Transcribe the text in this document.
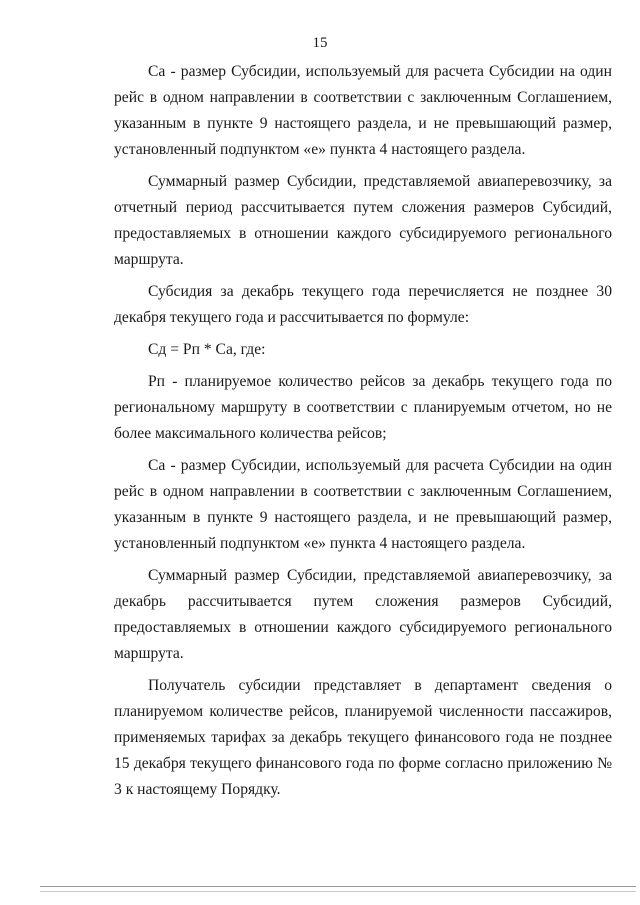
15

Са - размер Субсидии, используемый для расчета Субсидии на один рейс в одном направлении в соответствии с заключенным Соглашением, указанным в пункте 9 настоящего раздела, и не превышающий размер, установленный подпунктом «е» пункта 4 настоящего раздела.

Суммарный размер Субсидии, представляемой авиаперевозчику, за отчетный период рассчитывается путем сложения размеров Субсидий, предоставляемых в отношении каждого субсидируемого регионального маршрута.

Субсидия за декабрь текущего года перечисляется не позднее 30 декабря текущего года и рассчитывается по формуле:

Сд = Рп * Са, где:

Рп - планируемое количество рейсов за декабрь текущего года по региональному маршруту в соответствии с планируемым отчетом, но не более максимального количества рейсов;

Са - размер Субсидии, используемый для расчета Субсидии на один рейс в одном направлении в соответствии с заключенным Соглашением, указанным в пункте 9 настоящего раздела, и не превышающий размер, установленный подпунктом «е» пункта 4 настоящего раздела.

Суммарный размер Субсидии, представляемой авиаперевозчику, за декабрь рассчитывается путем сложения размеров Субсидий, предоставляемых в отношении каждого субсидируемого регионального маршрута.

Получатель субсидии представляет в департамент сведения о планируемом количестве рейсов, планируемой численности пассажиров, применяемых тарифах за декабрь текущего финансового года не позднее 15 декабря текущего финансового года по форме согласно приложению № 3 к настоящему Порядку.
